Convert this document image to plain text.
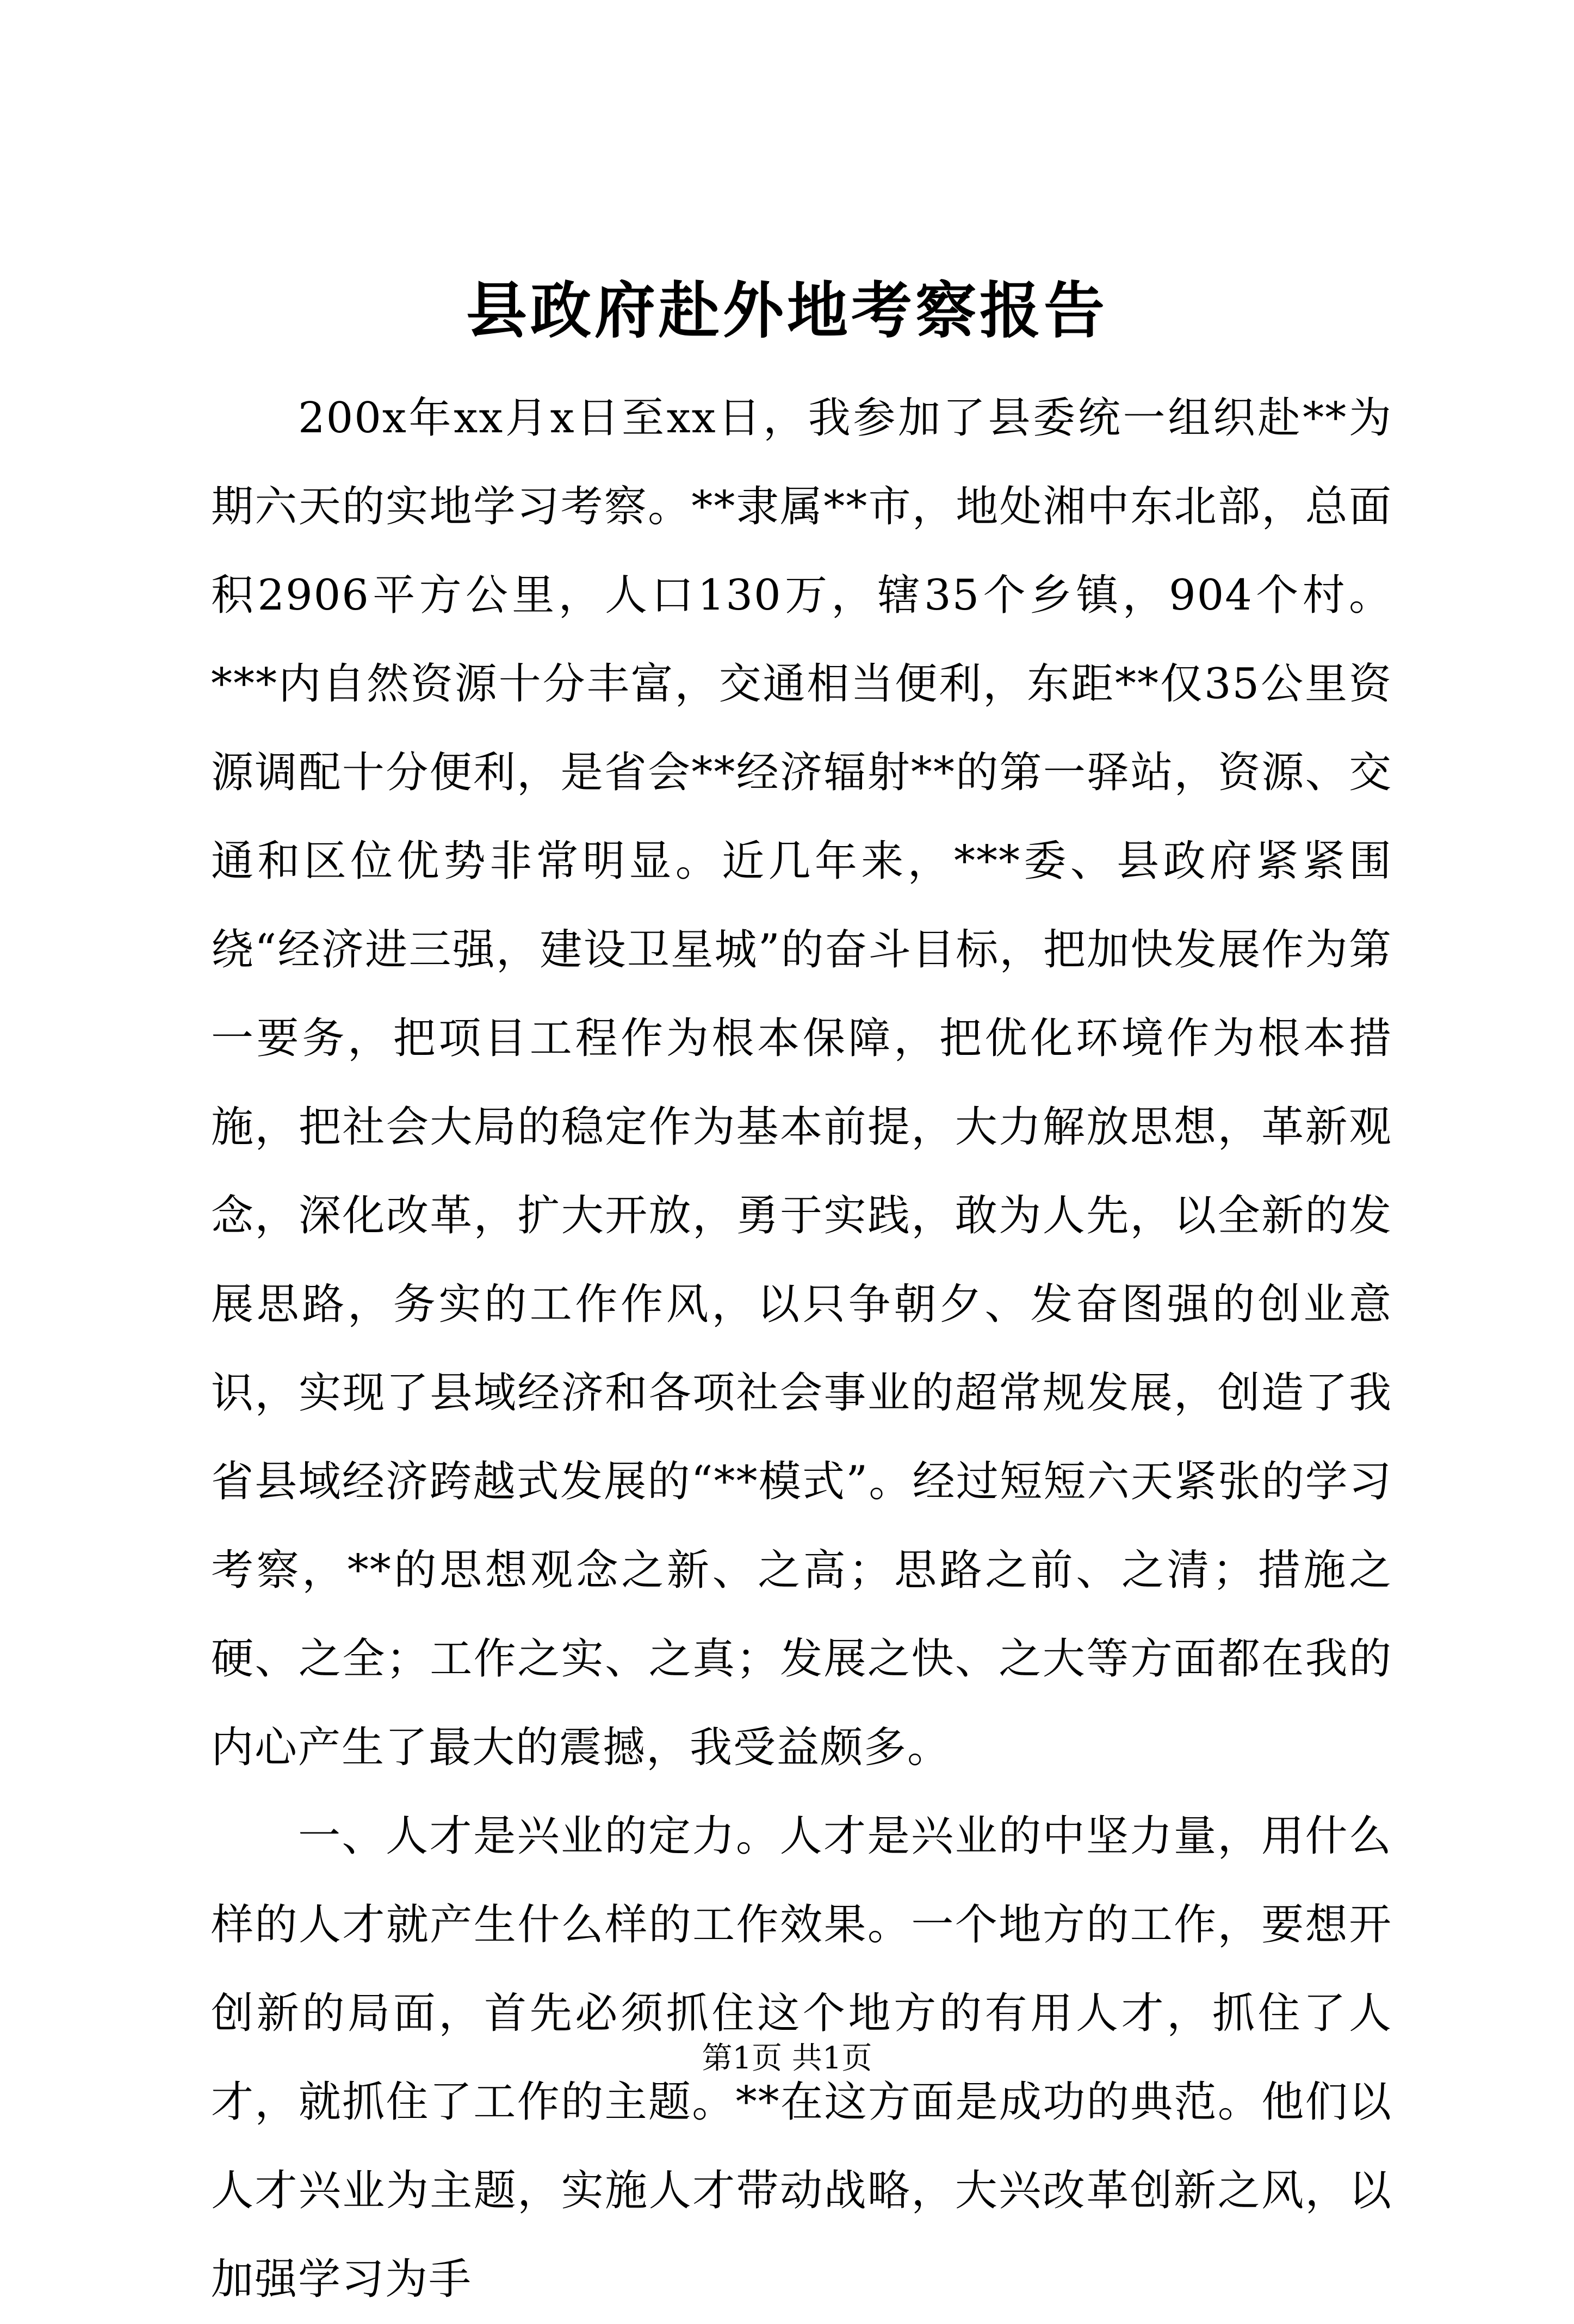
县政府赴外地考察报告

200x年xx月x日至xx日，我参加了县委统一组织赴**为期六天的实地学习考察。**隶属**市，地处湘中东北部，总面积2906平方公里，人口130万，辖35个乡镇，904个村。***内自然资源十分丰富，交通相当便利，东距**仅35公里资源调配十分便利，是省会**经济辐射**的第一驿站，资源、交通和区位优势非常明显。近几年来，***委、县政府紧紧围绕“经济进三强，建设卫星城”的奋斗目标，把加快发展作为第一要务，把项目工程作为根本保障，把优化环境作为根本措施，把社会大局的稳定作为基本前提，大力解放思想，革新观念，深化改革，扩大开放，勇于实践，敢为人先，以全新的发展思路，务实的工作作风，以只争朝夕、发奋图强的创业意识，实现了县域经济和各项社会事业的超常规发展，创造了我省县域经济跨越式发展的“**模式”。经过短短六天紧张的学习考察，**的思想观念之新、之高；思路之前、之清；措施之硬、之全；工作之实、之真；发展之快、之大等方面都在我的内心产生了最大的震撼，我受益颇多。

一、人才是兴业的定力。人才是兴业的中坚力量，用什么样的人才就产生什么样的工作效果。一个地方的工作，要想开创新的局面，首先必须抓住这个地方的有用人才，抓住了人才，就抓住了工作的主题。**在这方面是成功的典范。他们以人才兴业为主题，实施人才带动战略，大兴改革创新之风，以加强学习为手

第1页 共1页
